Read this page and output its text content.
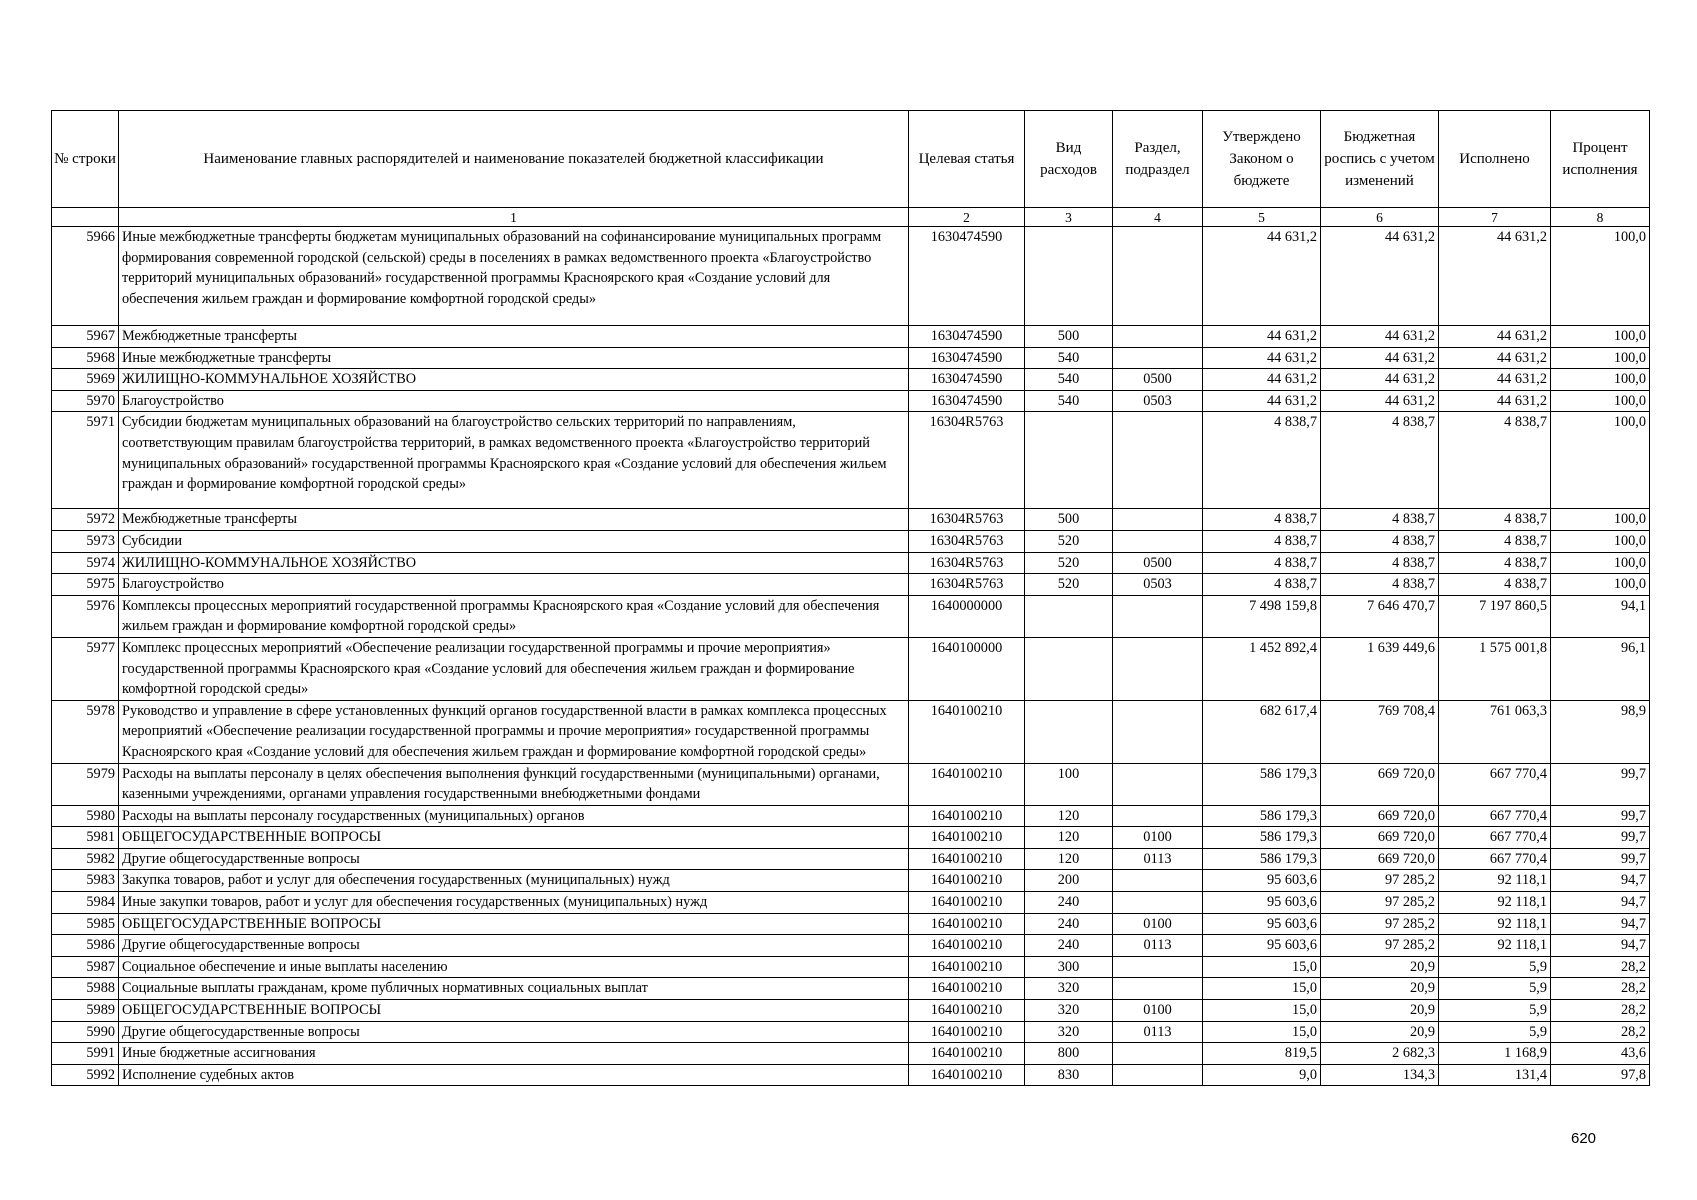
№ строки	Наименование главных распорядителей и наименование показателей бюджетной классификации	Целевая статья	Вид расходов	Раздел, подраздел	Утверждено Законом о бюджете	Бюджетная роспись с учетом изменений	Исполнено	Процент исполнения
	1	2	3	4	5	6	7	8
5966	Иные межбюджетные трансферты бюджетам муниципальных образований на софинансирование муниципальных программ формирования современной городской (сельской) среды в поселениях в рамках ведомственного проекта «Благоустройство территорий муниципальных образований» государственной программы Красноярского края «Создание условий для обеспечения жильем граждан и формирование комфортной городской среды»	1630474590			44 631,2	44 631,2	44 631,2	100,0
5967	Межбюджетные трансферты	1630474590	500		44 631,2	44 631,2	44 631,2	100,0
5968	Иные межбюджетные трансферты	1630474590	540		44 631,2	44 631,2	44 631,2	100,0
5969	ЖИЛИЩНО-КОММУНАЛЬНОЕ ХОЗЯЙСТВО	1630474590	540	0500	44 631,2	44 631,2	44 631,2	100,0
5970	Благоустройство	1630474590	540	0503	44 631,2	44 631,2	44 631,2	100,0
5971	Субсидии бюджетам муниципальных образований на благоустройство сельских территорий по направлениям, соответствующим правилам благоустройства территорий, в рамках ведомственного проекта «Благоустройство территорий муниципальных образований» государственной программы Красноярского края «Создание условий для обеспечения жильем граждан и формирование комфортной городской среды»	16304R5763			4 838,7	4 838,7	4 838,7	100,0
5972	Межбюджетные трансферты	16304R5763	500		4 838,7	4 838,7	4 838,7	100,0
5973	Субсидии	16304R5763	520		4 838,7	4 838,7	4 838,7	100,0
5974	ЖИЛИЩНО-КОММУНАЛЬНОЕ ХОЗЯЙСТВО	16304R5763	520	0500	4 838,7	4 838,7	4 838,7	100,0
5975	Благоустройство	16304R5763	520	0503	4 838,7	4 838,7	4 838,7	100,0
5976	Комплексы процессных мероприятий государственной программы Красноярского края «Создание условий для обеспечения жильем граждан и формирование комфортной городской среды»	1640000000			7 498 159,8	7 646 470,7	7 197 860,5	94,1
5977	Комплекс процессных мероприятий «Обеспечение реализации государственной программы и прочие мероприятия» государственной программы Красноярского края «Создание условий для обеспечения жильем граждан и формирование комфортной городской среды»	1640100000			1 452 892,4	1 639 449,6	1 575 001,8	96,1
5978	Руководство и управление в сфере установленных функций органов государственной власти в рамках комплекса процессных мероприятий «Обеспечение реализации государственной программы и прочие мероприятия» государственной программы Красноярского края «Создание условий для обеспечения жильем граждан и формирование комфортной городской среды»	1640100210			682 617,4	769 708,4	761 063,3	98,9
5979	Расходы на выплаты персоналу в целях обеспечения выполнения функций государственными (муниципальными) органами, казенными учреждениями, органами управления государственными внебюджетными фондами	1640100210	100		586 179,3	669 720,0	667 770,4	99,7
5980	Расходы на выплаты персоналу государственных (муниципальных) органов	1640100210	120		586 179,3	669 720,0	667 770,4	99,7
5981	ОБЩЕГОСУДАРСТВЕННЫЕ ВОПРОСЫ	1640100210	120	0100	586 179,3	669 720,0	667 770,4	99,7
5982	Другие общегосударственные вопросы	1640100210	120	0113	586 179,3	669 720,0	667 770,4	99,7
5983	Закупка товаров, работ и услуг для обеспечения государственных (муниципальных) нужд	1640100210	200		95 603,6	97 285,2	92 118,1	94,7
5984	Иные закупки товаров, работ и услуг для обеспечения государственных (муниципальных) нужд	1640100210	240		95 603,6	97 285,2	92 118,1	94,7
5985	ОБЩЕГОСУДАРСТВЕННЫЕ ВОПРОСЫ	1640100210	240	0100	95 603,6	97 285,2	92 118,1	94,7
5986	Другие общегосударственные вопросы	1640100210	240	0113	95 603,6	97 285,2	92 118,1	94,7
5987	Социальное обеспечение и иные выплаты населению	1640100210	300		15,0	20,9	5,9	28,2
5988	Социальные выплаты гражданам, кроме публичных нормативных социальных выплат	1640100210	320		15,0	20,9	5,9	28,2
5989	ОБЩЕГОСУДАРСТВЕННЫЕ ВОПРОСЫ	1640100210	320	0100	15,0	20,9	5,9	28,2
5990	Другие общегосударственные вопросы	1640100210	320	0113	15,0	20,9	5,9	28,2
5991	Иные бюджетные ассигнования	1640100210	800		819,5	2 682,3	1 168,9	43,6
5992	Исполнение судебных актов	1640100210	830		9,0	134,3	131,4	97,8
620
